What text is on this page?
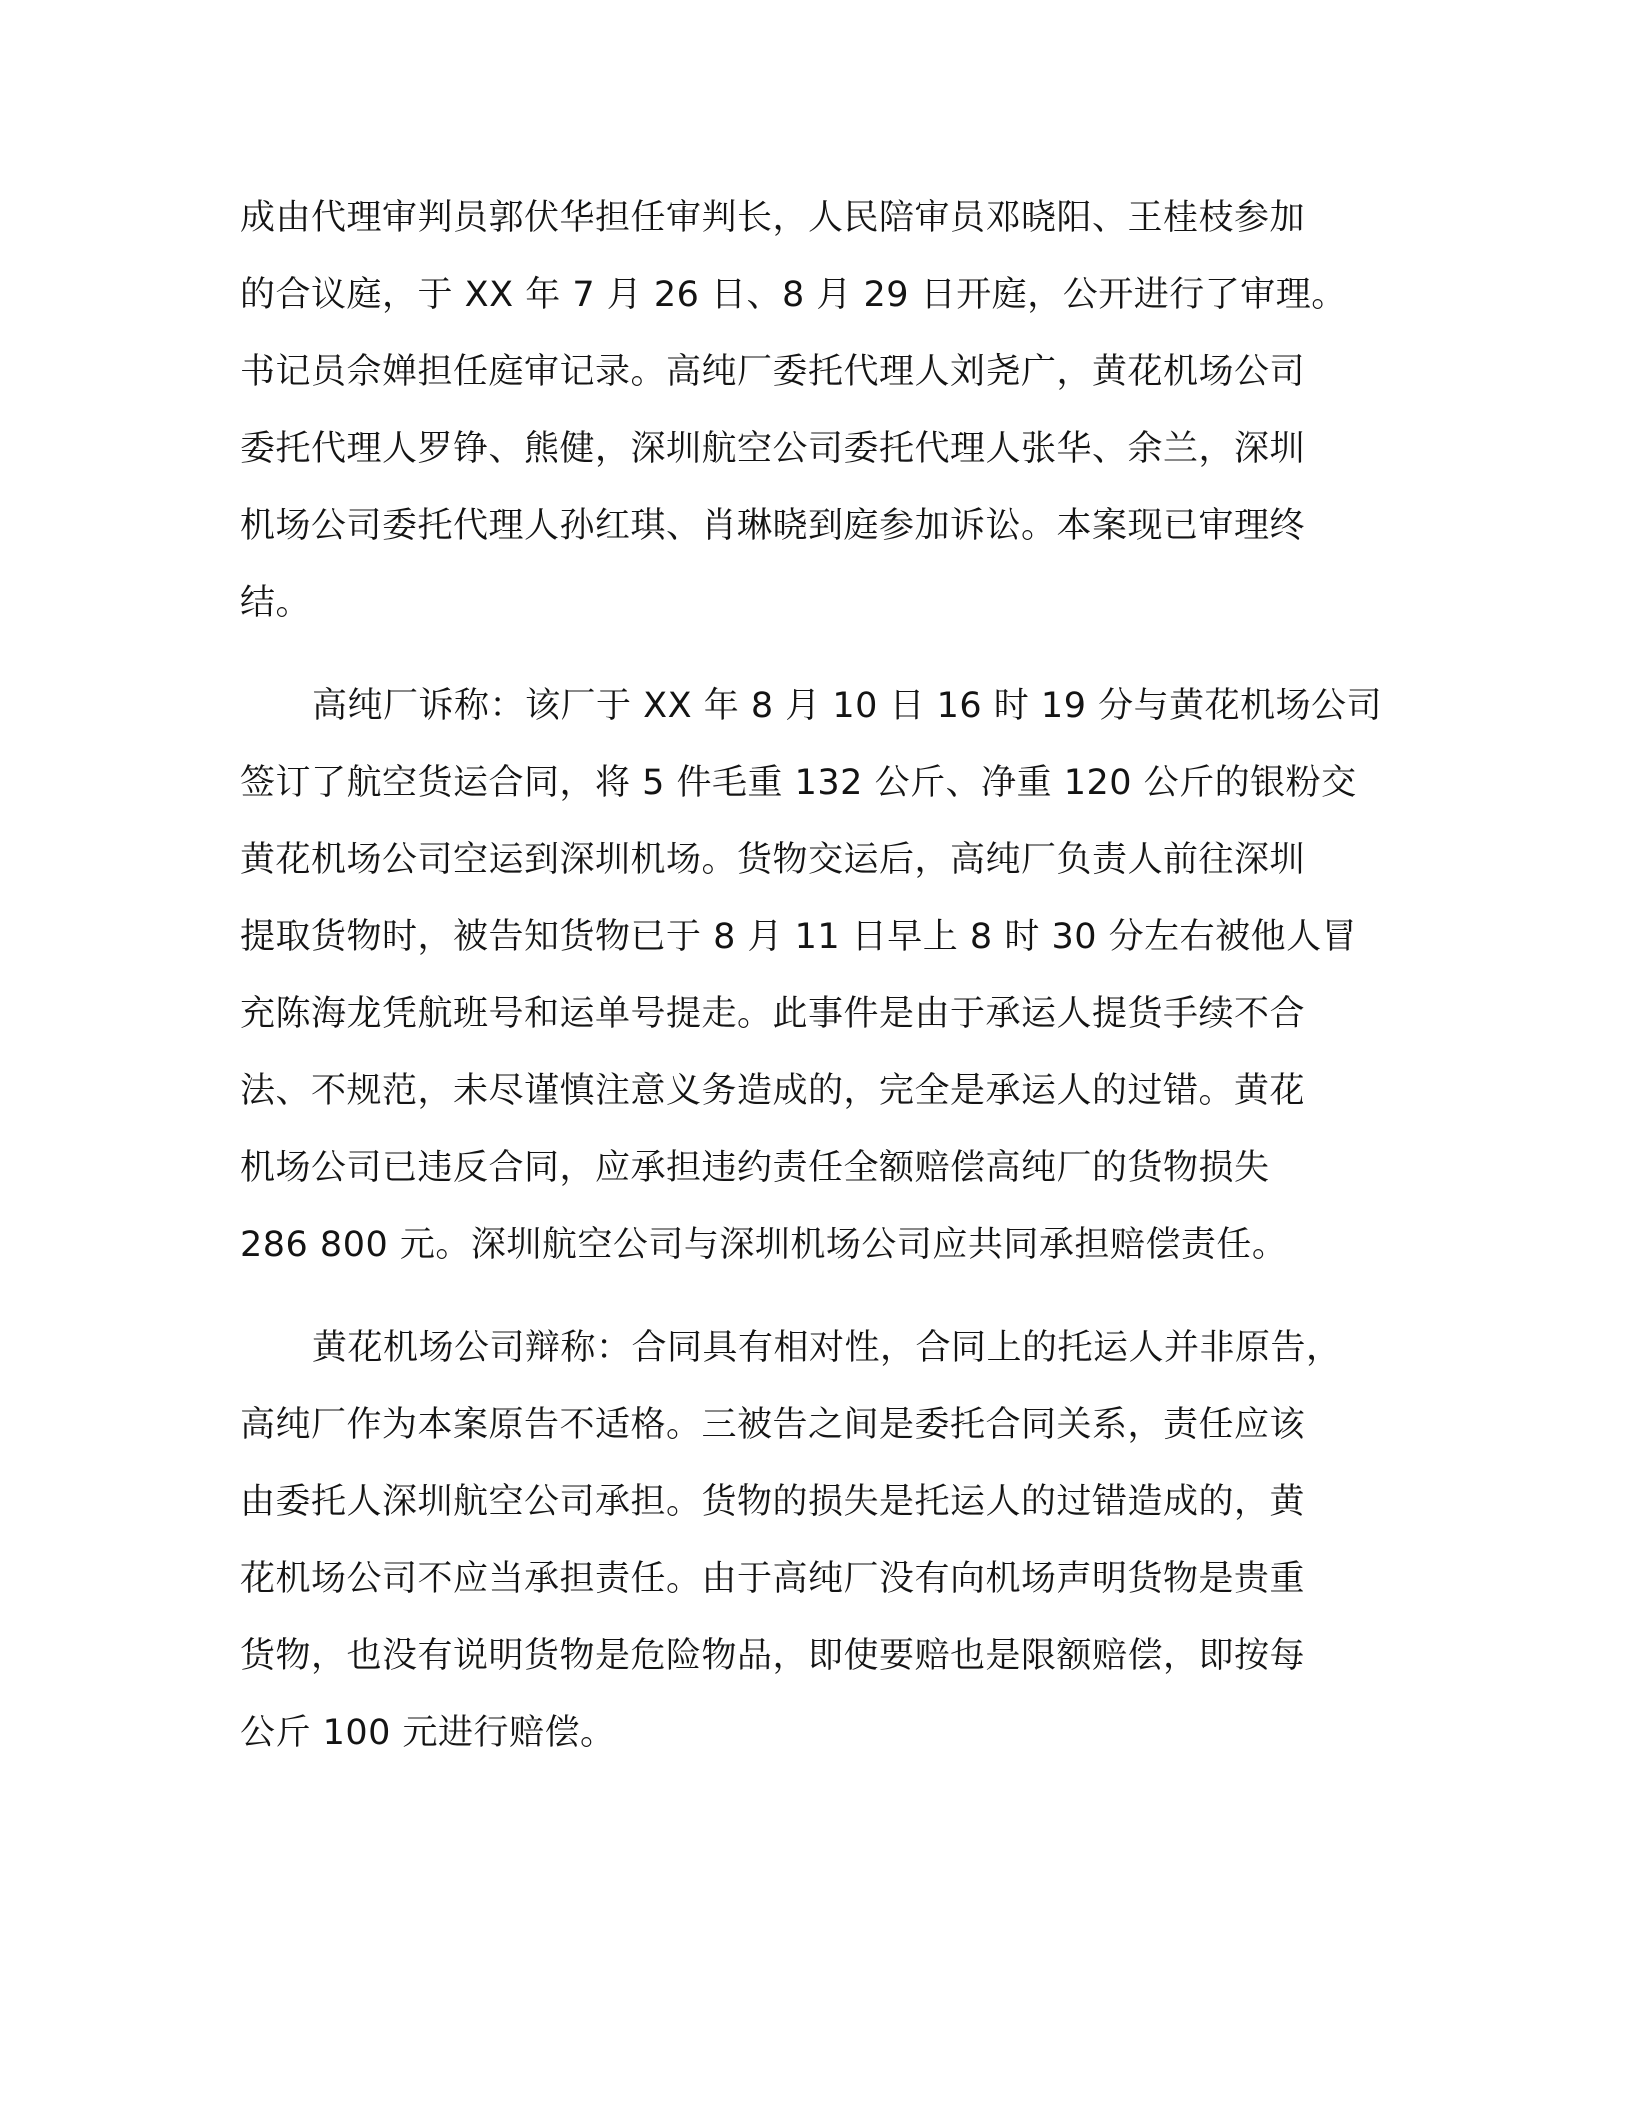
成由代理审判员郭伏华担任审判长，人民陪审员邓晓阳、王桂枝参加
的合议庭，于 XX 年 7 月 26 日、8 月 29 日开庭，公开进行了审理。
书记员佘婵担任庭审记录。高纯厂委托代理人刘尧广，黄花机场公司
委托代理人罗铮、熊健，深圳航空公司委托代理人张华、余兰，深圳
机场公司委托代理人孙红琪、肖琳晓到庭参加诉讼。本案现已审理终
结。
高纯厂诉称：该厂于 XX 年 8 月 10 日 16 时 19 分与黄花机场公司
签订了航空货运合同，将 5 件毛重 132 公斤、净重 120 公斤的银粉交
黄花机场公司空运到深圳机场。货物交运后，高纯厂负责人前往深圳
提取货物时，被告知货物已于 8 月 11 日早上 8 时 30 分左右被他人冒
充陈海龙凭航班号和运单号提走。此事件是由于承运人提货手续不合
法、不规范，未尽谨慎注意义务造成的，完全是承运人的过错。黄花
机场公司已违反合同，应承担违约责任全额赔偿高纯厂的货物损失
286 800 元。深圳航空公司与深圳机场公司应共同承担赔偿责任。
黄花机场公司辩称：合同具有相对性，合同上的托运人并非原告，
高纯厂作为本案原告不适格。三被告之间是委托合同关系，责任应该
由委托人深圳航空公司承担。货物的损失是托运人的过错造成的，黄
花机场公司不应当承担责任。由于高纯厂没有向机场声明货物是贵重
货物，也没有说明货物是危险物品，即使要赔也是限额赔偿，即按每
公斤 100 元进行赔偿。
